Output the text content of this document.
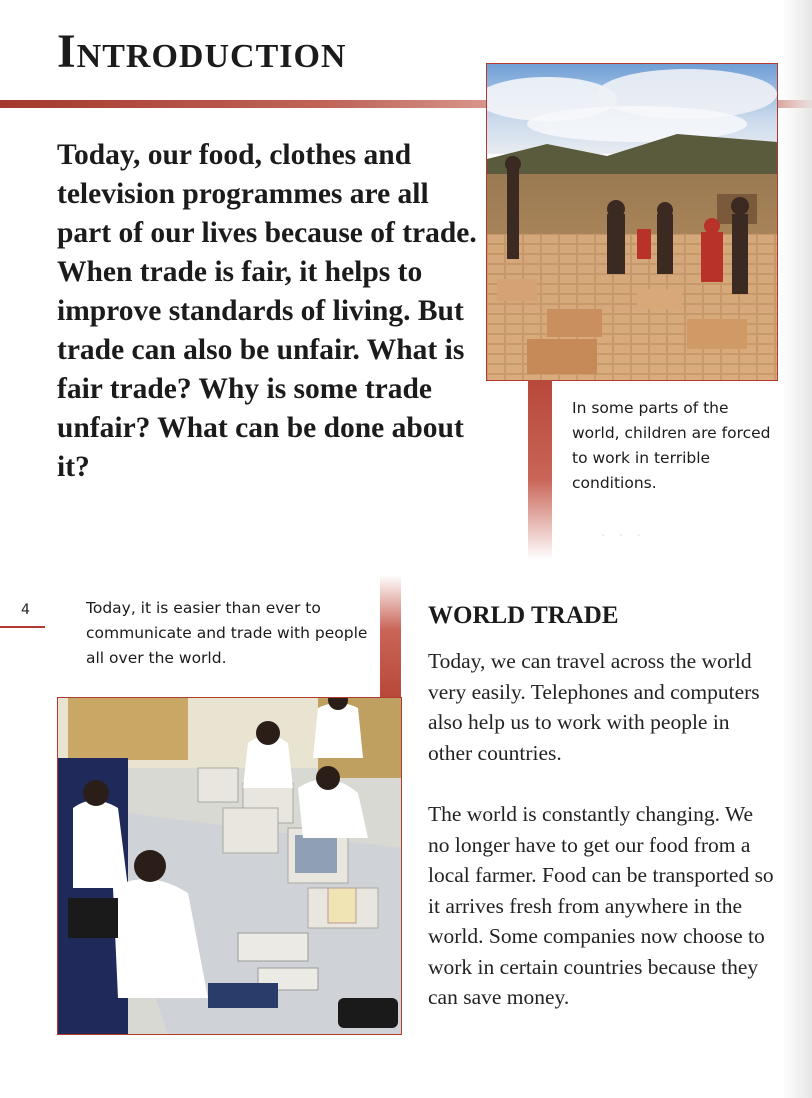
Introduction

Today, our food, clothes and television programmes are all part of our lives because of trade. When trade is fair, it helps to improve standards of living. But trade can also be unfair. What is fair trade? Why is some trade unfair? What can be done about it?

In some parts of the world, children are forced to work in terrible conditions.

· · ·
4	Today, it is easier than ever to communicate and trade with people all over the world.

WORLD TRADE

Today, we can travel across the world very easily. Telephones and computers also help us to work with people in other countries.

The world is constantly changing. We no longer have to get our food from a local farmer. Food can be transported so it arrives fresh from anywhere in the world. Some companies now choose to work in certain countries because they can save money.
